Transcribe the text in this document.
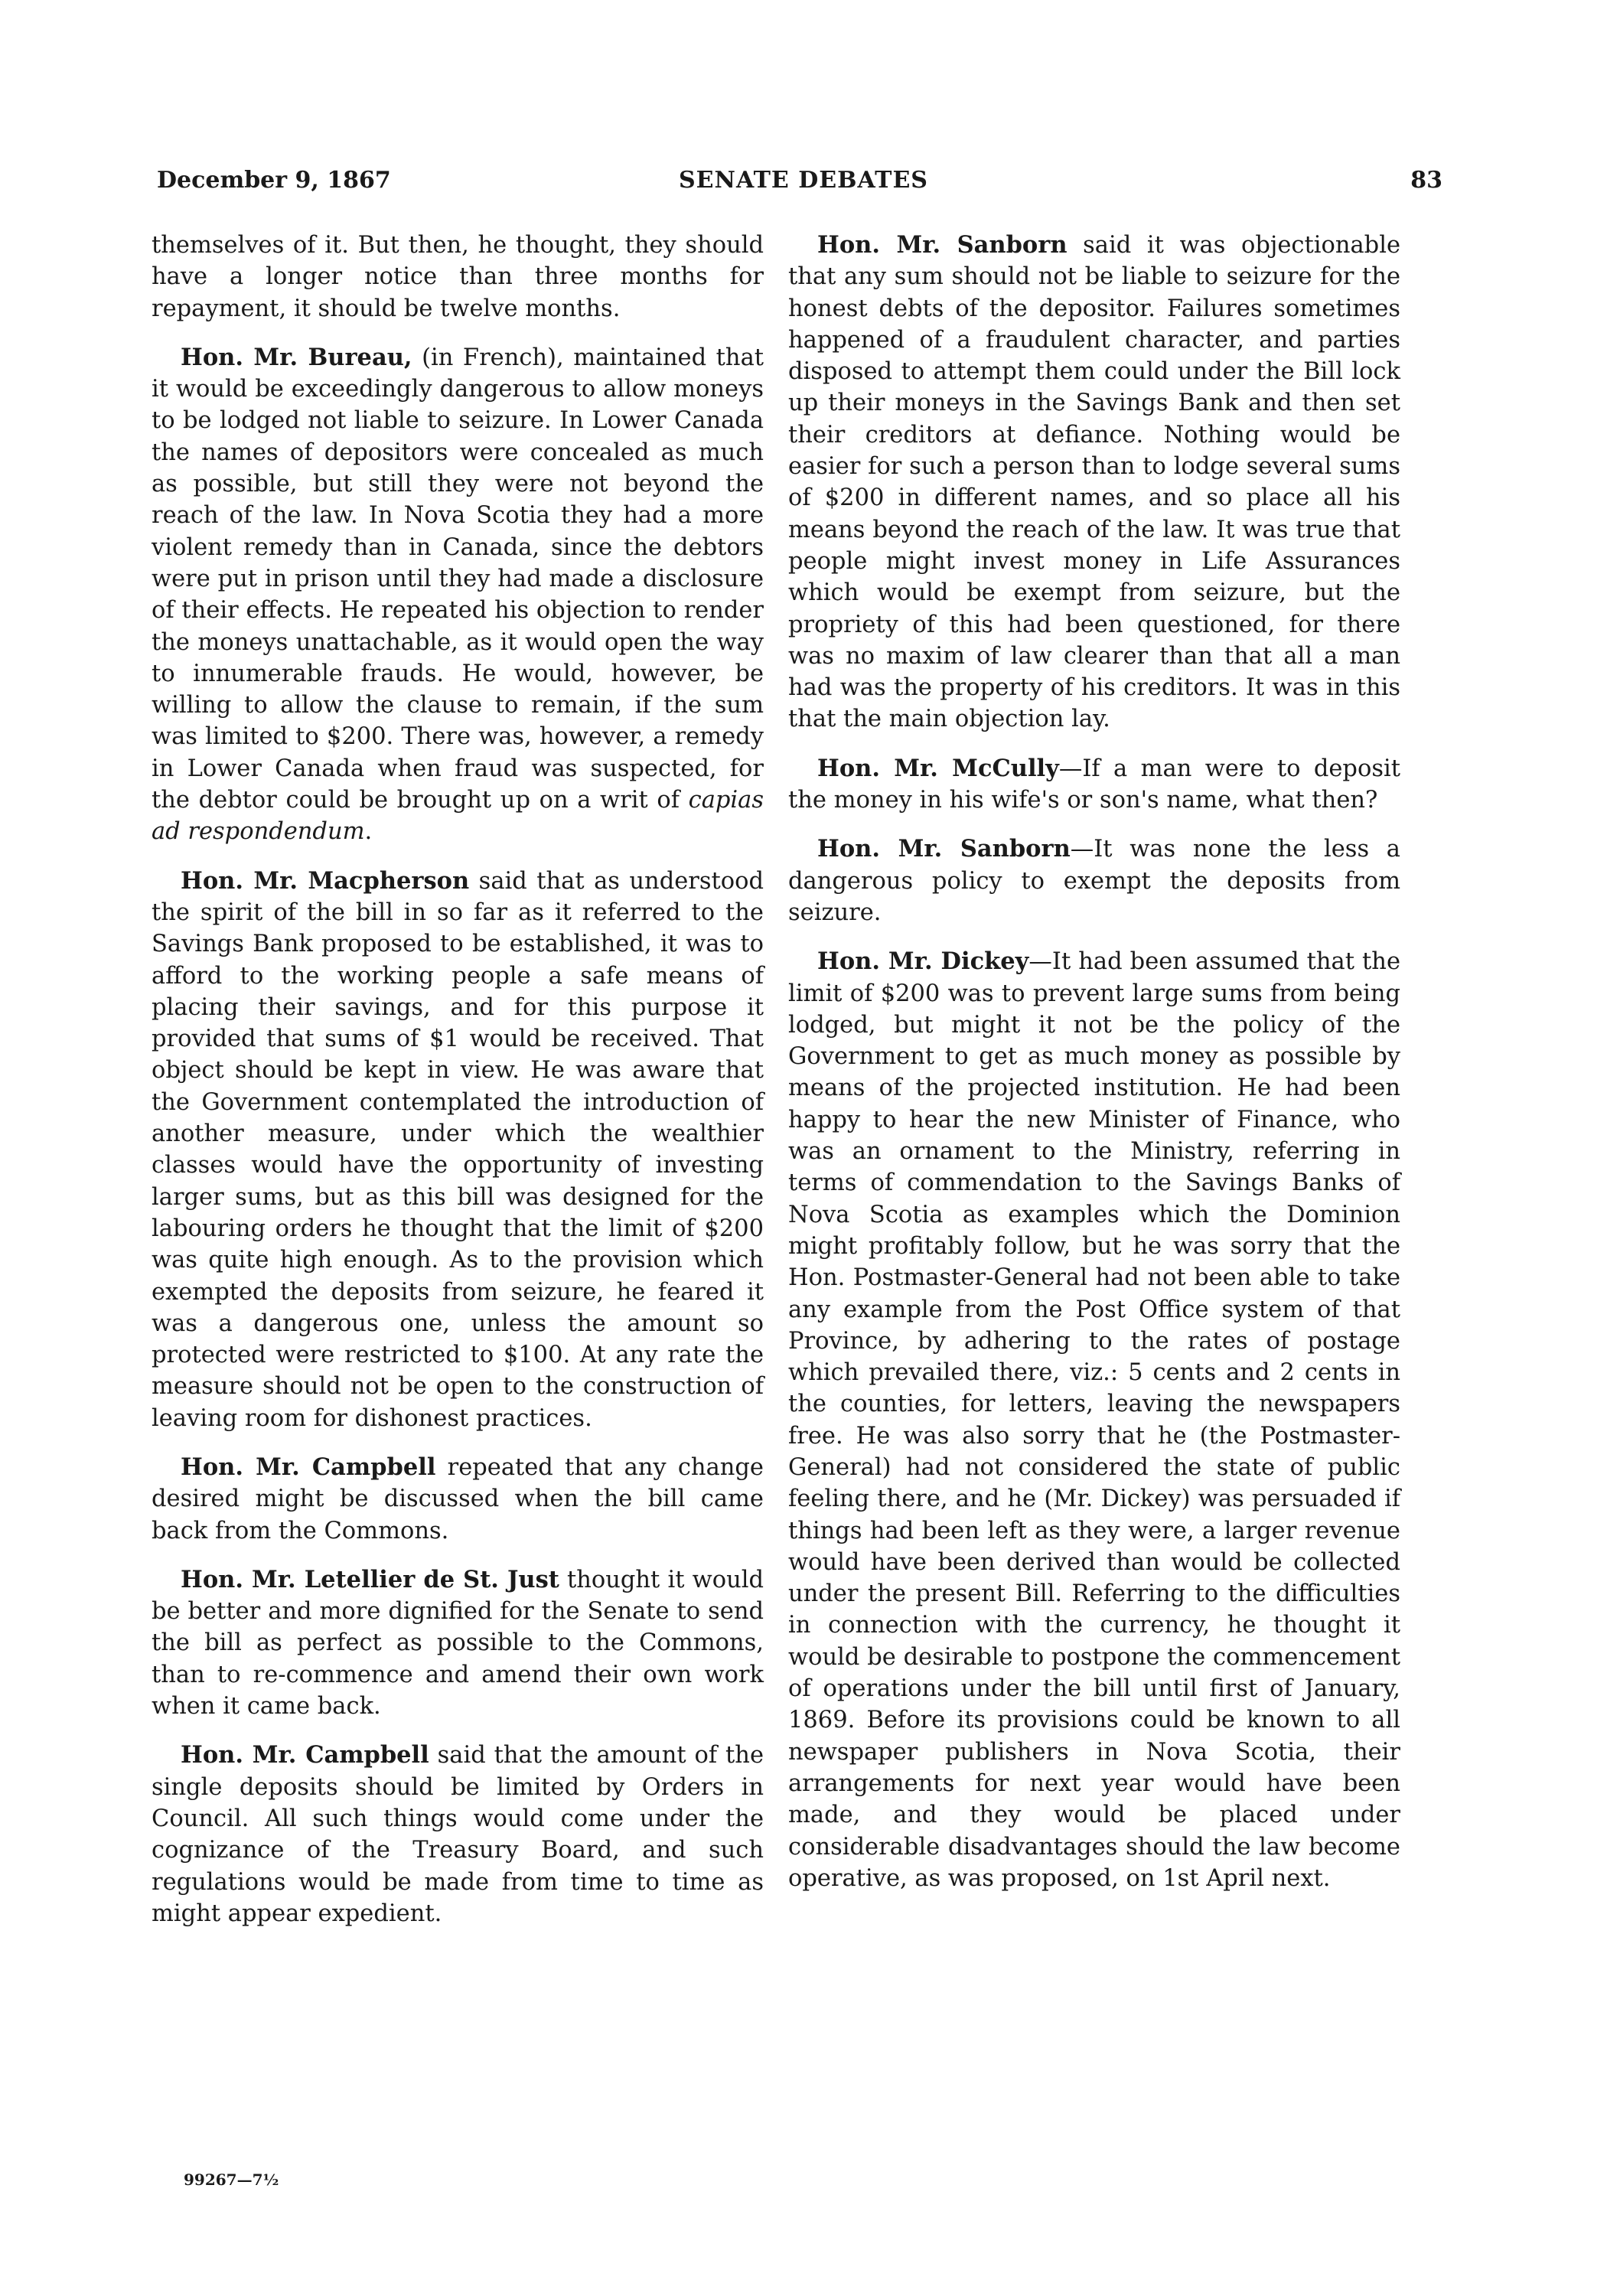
December 9, 1867	SENATE DEBATES	83

themselves of it. But then, he thought, they should have a longer notice than three months for repayment, it should be twelve months.

Hon. Mr. Bureau, (in French), maintained that it would be exceedingly dangerous to allow moneys to be lodged not liable to seizure. In Lower Canada the names of depositors were concealed as much as possible, but still they were not beyond the reach of the law. In Nova Scotia they had a more violent remedy than in Canada, since the debtors were put in prison until they had made a disclosure of their effects. He repeated his objection to render the moneys unattachable, as it would open the way to innumerable frauds. He would, however, be willing to allow the clause to remain, if the sum was limited to $200. There was, however, a remedy in Lower Canada when fraud was suspected, for the debtor could be brought up on a writ of capias ad respondendum.

Hon. Mr. Macpherson said that as understood the spirit of the bill in so far as it referred to the Savings Bank proposed to be established, it was to afford to the working people a safe means of placing their savings, and for this purpose it provided that sums of $1 would be received. That object should be kept in view. He was aware that the Government contemplated the introduction of another measure, under which the wealthier classes would have the opportunity of investing larger sums, but as this bill was designed for the labouring orders he thought that the limit of $200 was quite high enough. As to the provision which exempted the deposits from seizure, he feared it was a dangerous one, unless the amount so protected were restricted to $100. At any rate the measure should not be open to the construction of leaving room for dishonest practices.

Hon. Mr. Campbell repeated that any change desired might be discussed when the bill came back from the Commons.

Hon. Mr. Letellier de St. Just thought it would be better and more dignified for the Senate to send the bill as perfect as possible to the Commons, than to re-commence and amend their own work when it came back.

Hon. Mr. Campbell said that the amount of the single deposits should be limited by Orders in Council. All such things would come under the cognizance of the Treasury Board, and such regulations would be made from time to time as might appear expedient.

Hon. Mr. Sanborn said it was objectionable that any sum should not be liable to seizure for the honest debts of the depositor. Failures sometimes happened of a fraudulent character, and parties disposed to attempt them could under the Bill lock up their moneys in the Savings Bank and then set their creditors at defiance. Nothing would be easier for such a person than to lodge several sums of $200 in different names, and so place all his means beyond the reach of the law. It was true that people might invest money in Life Assurances which would be exempt from seizure, but the propriety of this had been questioned, for there was no maxim of law clearer than that all a man had was the property of his creditors. It was in this that the main objection lay.

Hon. Mr. McCully—If a man were to deposit the money in his wife's or son's name, what then?

Hon. Mr. Sanborn—It was none the less a dangerous policy to exempt the deposits from seizure.

Hon. Mr. Dickey—It had been assumed that the limit of $200 was to prevent large sums from being lodged, but might it not be the policy of the Government to get as much money as possible by means of the projected institution. He had been happy to hear the new Minister of Finance, who was an ornament to the Ministry, referring in terms of commendation to the Savings Banks of Nova Scotia as examples which the Dominion might profitably follow, but he was sorry that the Hon. Postmaster-General had not been able to take any example from the Post Office system of that Province, by adhering to the rates of postage which prevailed there, viz.: 5 cents and 2 cents in the counties, for letters, leaving the newspapers free. He was also sorry that he (the Postmaster-General) had not considered the state of public feeling there, and he (Mr. Dickey) was persuaded if things had been left as they were, a larger revenue would have been derived than would be collected under the present Bill. Referring to the difficulties in connection with the currency, he thought it would be desirable to postpone the commencement of operations under the bill until first of January, 1869. Before its provisions could be known to all newspaper publishers in Nova Scotia, their arrangements for next year would have been made, and they would be placed under considerable disadvantages should the law become operative, as was proposed, on 1st April next.

99267—7½
